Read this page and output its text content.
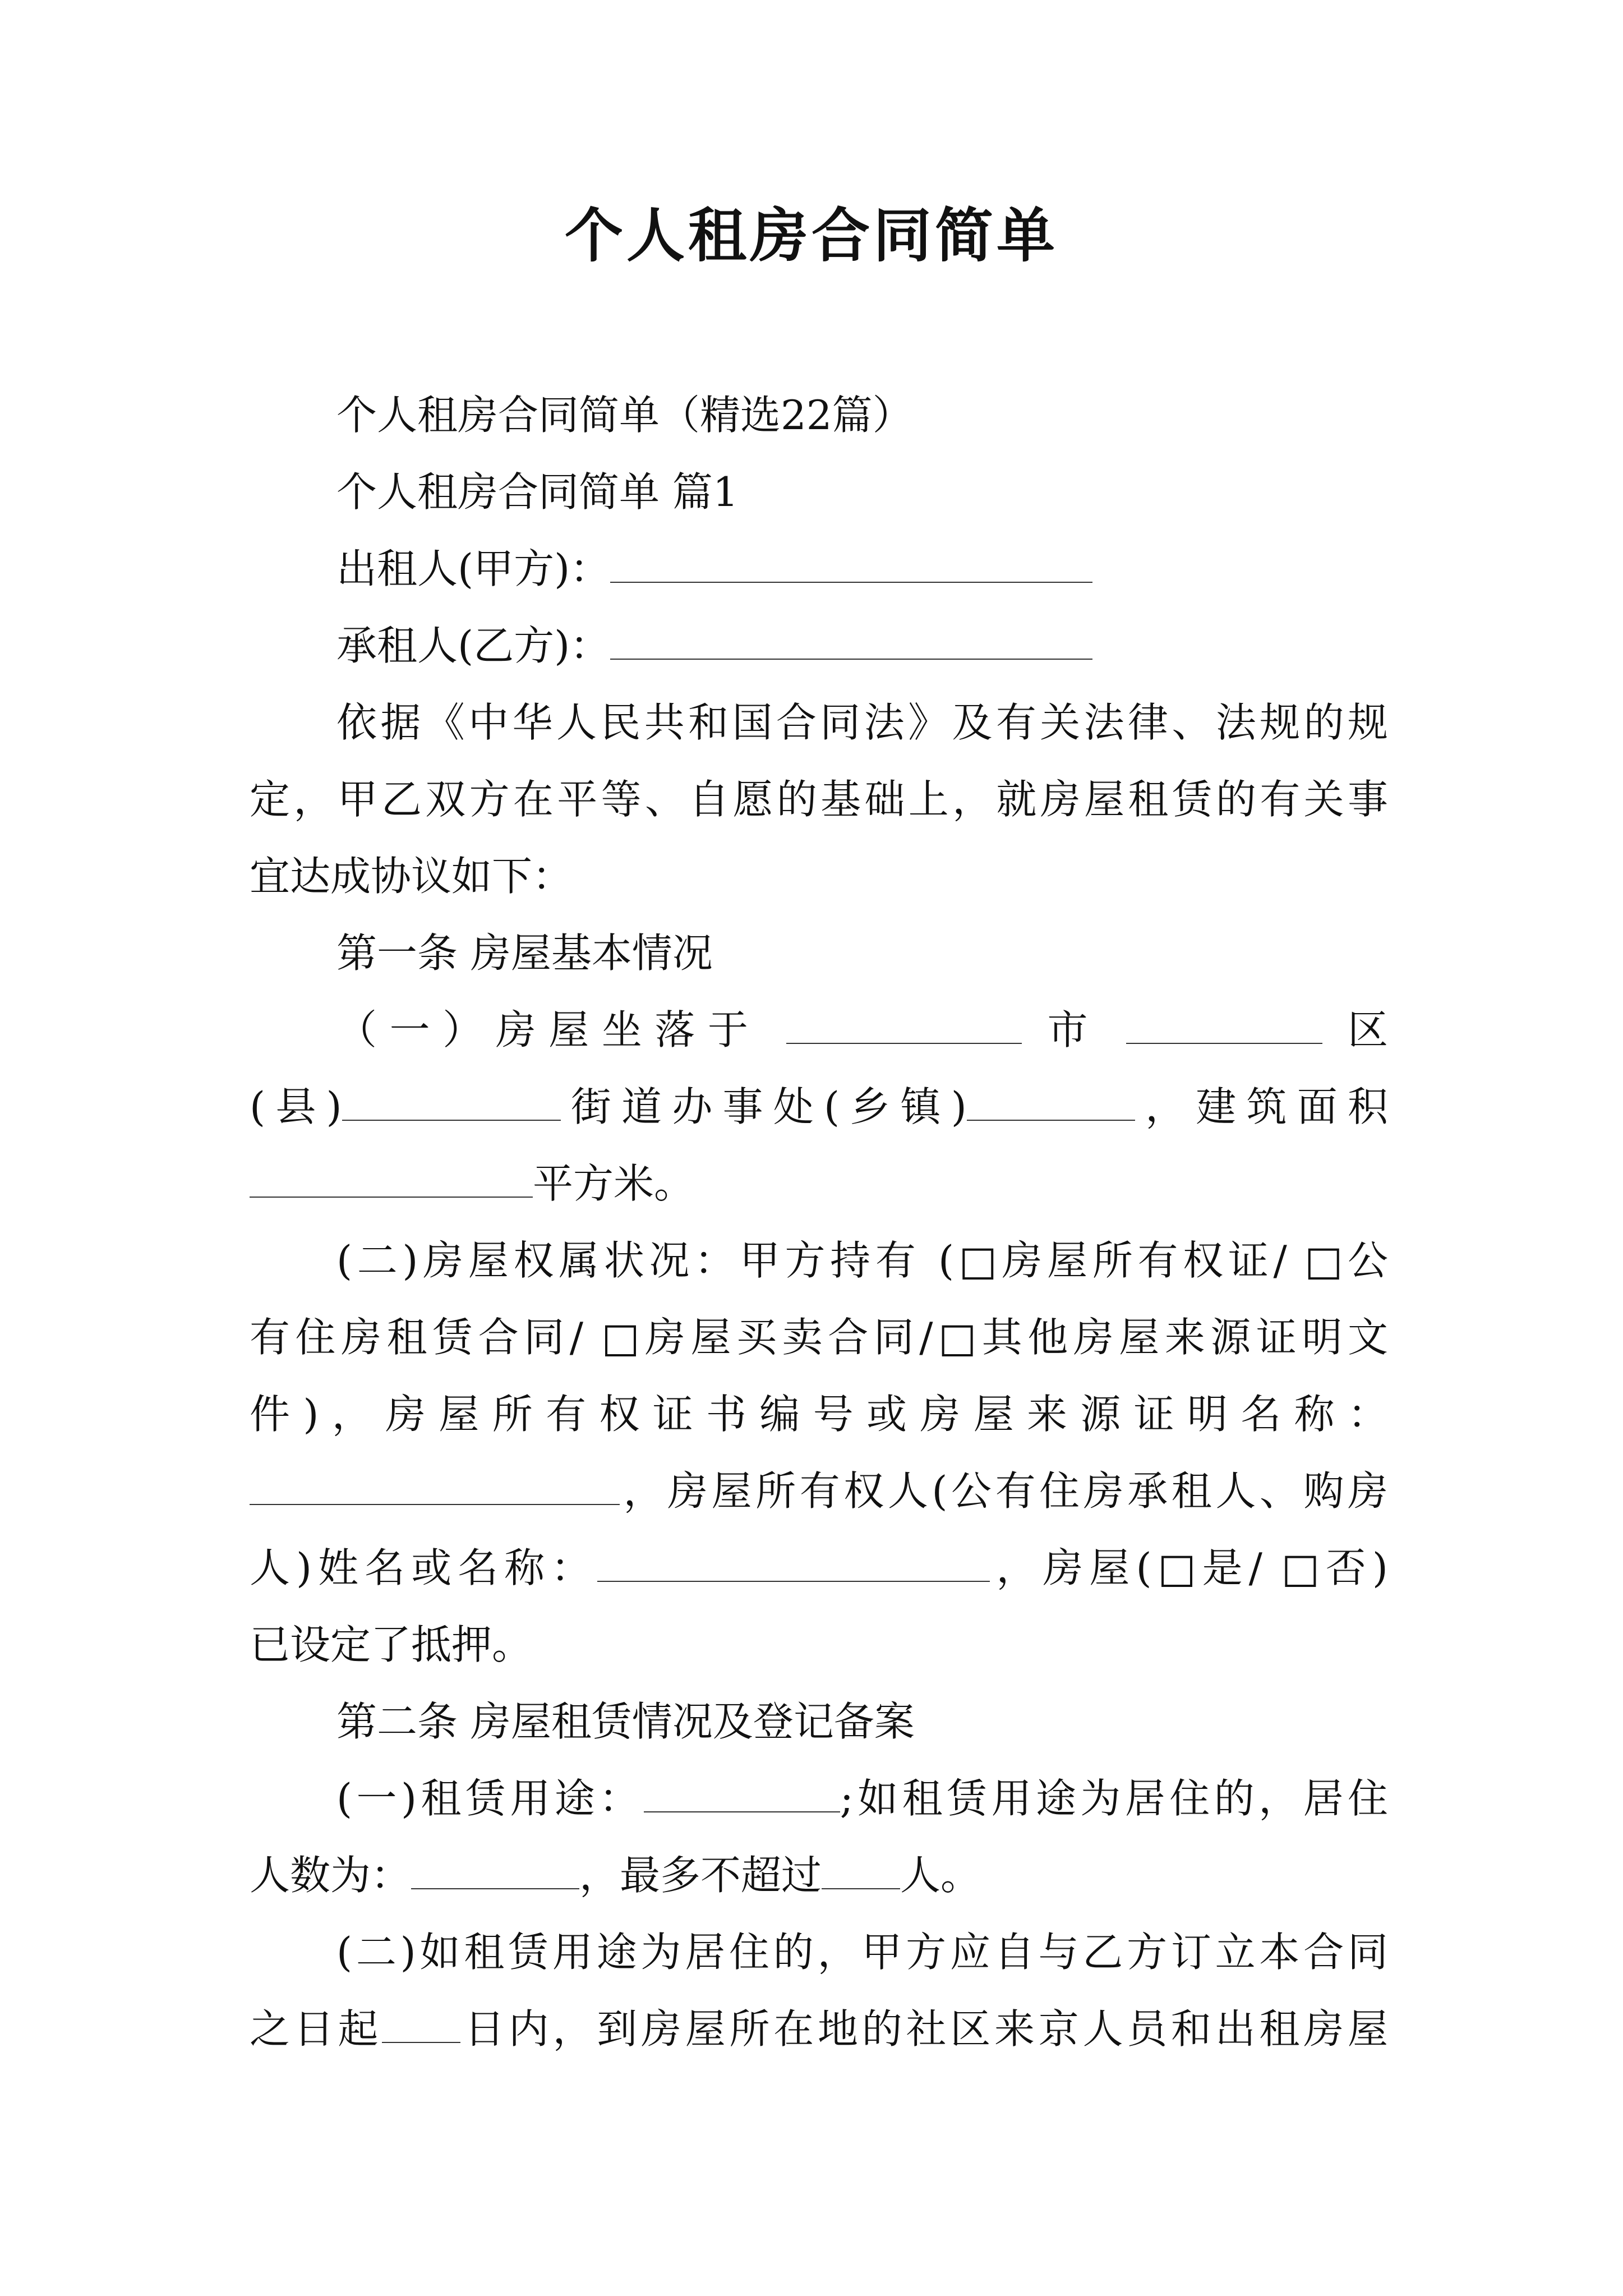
个人租房合同简单
个人租房合同简单（精选22篇）
个人租房合同简单 篇1
出租人(甲方)：
承租人(乙方)：
依据《中华人民共和国合同法》及有关法律、法规的规
定，甲乙双方在平等、自愿的基础上，就房屋租赁的有关事
宜达成协议如下：
第一条 房屋基本情况
（一）房屋坐落于	市	区
(县)	街道办事处(乡镇)	，建筑面积
平方米。
(二)房屋权属状况：甲方持有 (□房屋所有权证/ □公
有住房租赁合同/ □房屋买卖合同/□其他房屋来源证明文
件)，房屋所有权证书编号或房屋来源证明名称：
，房屋所有权人(公有住房承租人、购房
人)姓名或名称：	，房屋(□是/ □否)
已设定了抵押。
第二条 房屋租赁情况及登记备案
(一)租赁用途：	;如租赁用途为居住的，居住
人数为：	，最多不超过 人。
(二)如租赁用途为居住的，甲方应自与乙方订立本合同
之日起 日内，到房屋所在地的社区来京人员和出租房屋
